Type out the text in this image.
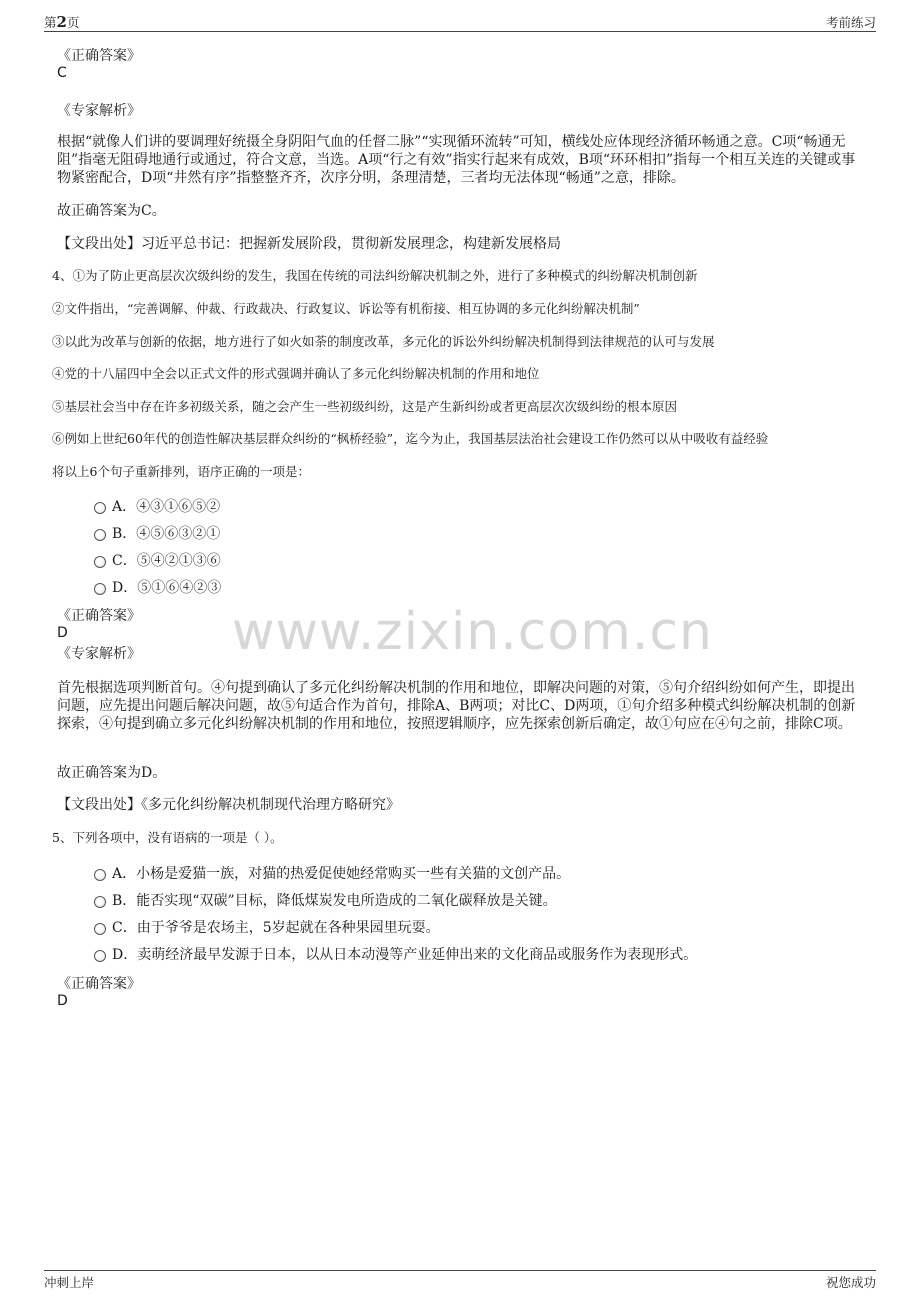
第2页	考前练习
《正确答案》
C
《专家解析》
根据“就像人们讲的要调理好统摄全身阴阳气血的任督二脉”“实现循环流转”可知，横线处应体现经济循环畅通之意。C项“畅通无阻”指毫无阻碍地通行或通过，符合文意，当选。A项“行之有效”指实行起来有成效，B项“环环相扣”指每一个相互关连的关键或事物紧密配合，D项“井然有序”指整整齐齐，次序分明，条理清楚，三者均无法体现“畅通”之意，排除。
故正确答案为C。
【文段出处】习近平总书记：把握新发展阶段，贯彻新发展理念，构建新发展格局
4、①为了防止更高层次次级纠纷的发生，我国在传统的司法纠纷解决机制之外，进行了多种模式的纠纷解决机制创新
②文件指出，“完善调解、仲裁、行政裁决、行政复议、诉讼等有机衔接、相互协调的多元化纠纷解决机制”
③以此为改革与创新的依据，地方进行了如火如荼的制度改革，多元化的诉讼外纠纷解决机制得到法律规范的认可与发展
④党的十八届四中全会以正式文件的形式强调并确认了多元化纠纷解决机制的作用和地位
⑤基层社会当中存在许多初级关系，随之会产生一些初级纠纷，这是产生新纠纷或者更高层次次级纠纷的根本原因
⑥例如上世纪60年代的创造性解决基层群众纠纷的“枫桥经验”，迄今为止，我国基层法治社会建设工作仍然可以从中吸收有益经验
将以上6个句子重新排列，语序正确的一项是：
A．④③①⑥⑤②
B．④⑤⑥③②①
C．⑤④②①③⑥
D．⑤①⑥④②③
www.zixin.com.cn
《正确答案》
D
《专家解析》
首先根据选项判断首句。④句提到确认了多元化纠纷解决机制的作用和地位，即解决问题的对策，⑤句介绍纠纷如何产生，即提出问题，应先提出问题后解决问题，故⑤句适合作为首句，排除A、B两项；对比C、D两项，①句介绍多种模式纠纷解决机制的创新探索，④句提到确立多元化纠纷解决机制的作用和地位，按照逻辑顺序，应先探索创新后确定，故①句应在④句之前，排除C项。
故正确答案为D。
【文段出处】《多元化纠纷解决机制现代治理方略研究》
5、下列各项中，没有语病的一项是（ ）。
A．小杨是爱猫一族，对猫的热爱促使她经常购买一些有关猫的文创产品。
B．能否实现“双碳”目标，降低煤炭发电所造成的二氧化碳释放是关键。
C．由于爷爷是农场主，5岁起就在各种果园里玩耍。
D．卖萌经济最早发源于日本，以从日本动漫等产业延伸出来的文化商品或服务作为表现形式。
《正确答案》
D
冲刺上岸	祝您成功
